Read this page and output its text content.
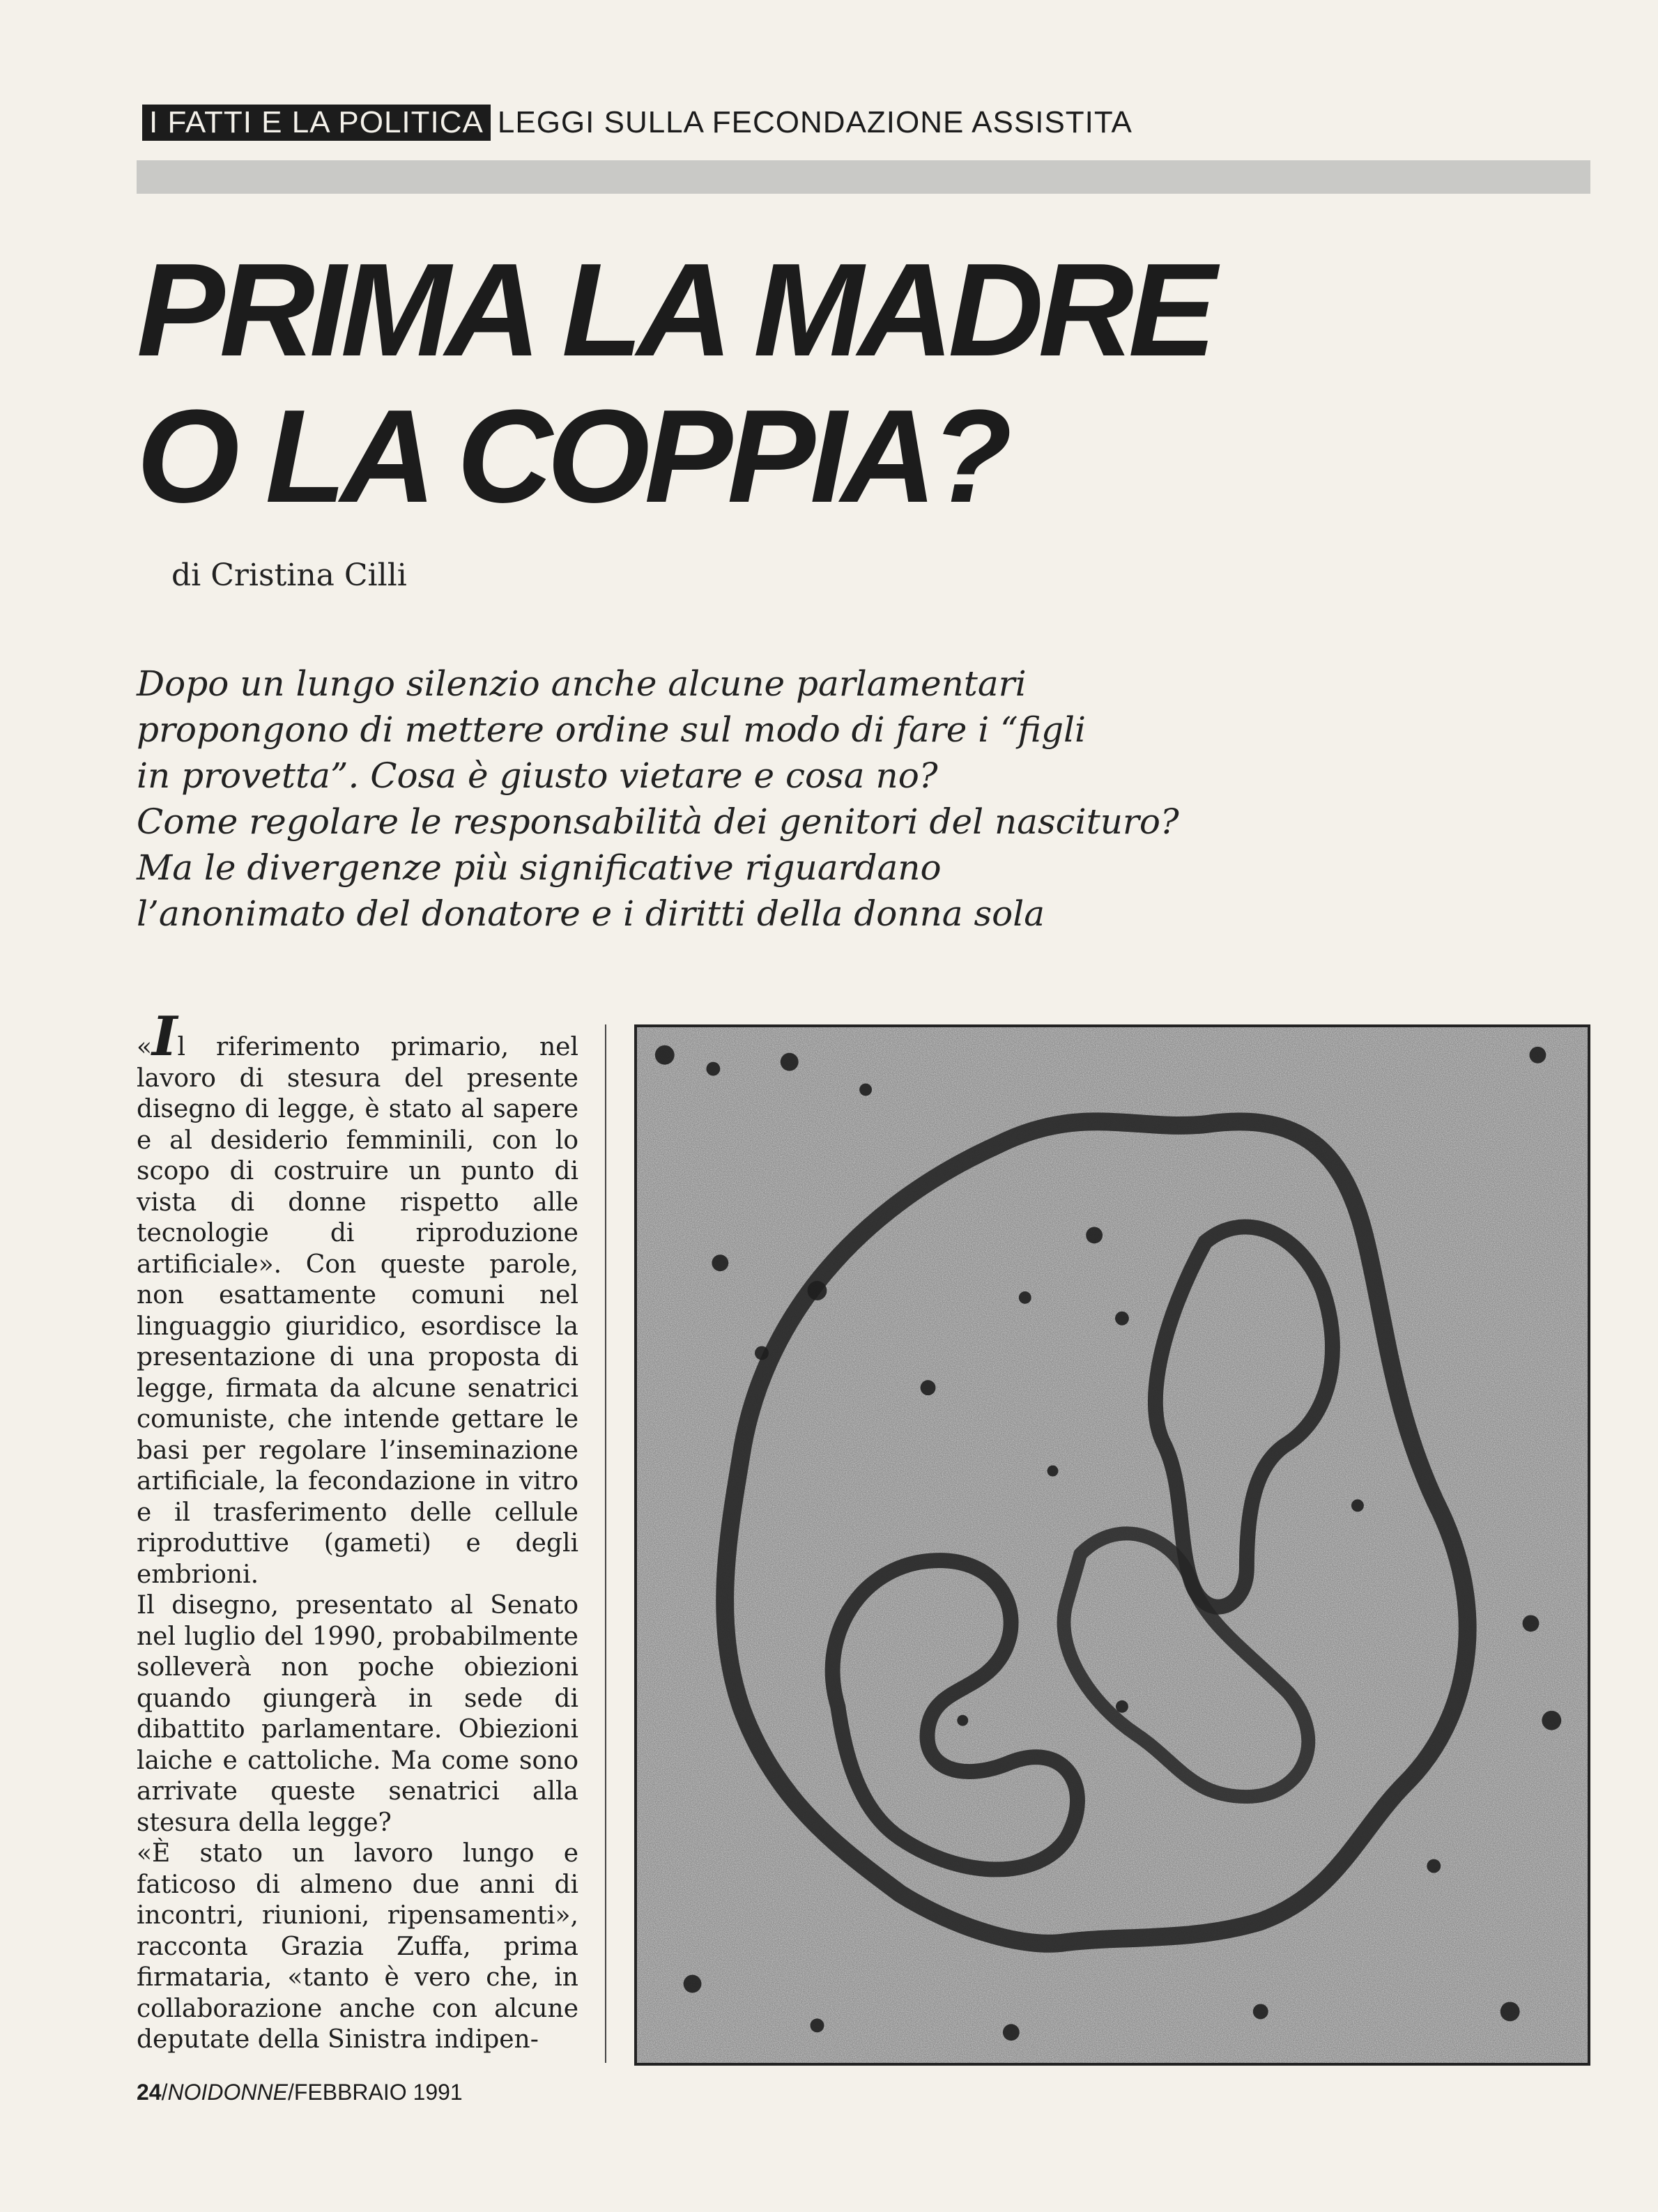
I FATTI E LA POLITICA LEGGI SULLA FECONDAZIONE ASSISTITA
PRIMA LA MADRE
O LA COPPIA?
di Cristina Cilli
Dopo un lungo silenzio anche alcune parlamentari
propongono di mettere ordine sul modo di fare i “figli
in provetta”. Cosa è giusto vietare e cosa no?
Come regolare le responsabilità dei genitori del nascituro?
Ma le divergenze più significative riguardano
l’anonimato del donatore e i diritti della donna sola

«Il riferimento primario, nel lavoro di stesura del presente disegno di legge, è stato al sapere e al desiderio femminili, con lo scopo di costruire un punto di vista di donne rispetto alle tecnologie di riproduzione artificiale». Con queste parole, non esattamente comuni nel linguaggio giuridico, esordisce la presentazione di una proposta di legge, firmata da alcune senatrici comuniste, che intende gettare le basi per regolare l’inseminazione artificiale, la fecondazione in vitro e il trasferimento delle cellule riproduttive (gameti) e degli embrioni.

Il disegno, presentato al Senato nel luglio del 1990, probabilmente solleverà non poche obiezioni quando giungerà in sede di dibattito parlamentare. Obiezioni laiche e cattoliche. Ma come sono arrivate queste senatrici alla stesura della legge?

«È stato un lavoro lungo e faticoso di almeno due anni di incontri, riunioni, ripensamenti», racconta Grazia Zuffa, prima firmataria, «tanto è vero che, in collaborazione anche con alcune deputate della Sinistra indipen-

24/NOIDONNE/FEBBRAIO 1991
